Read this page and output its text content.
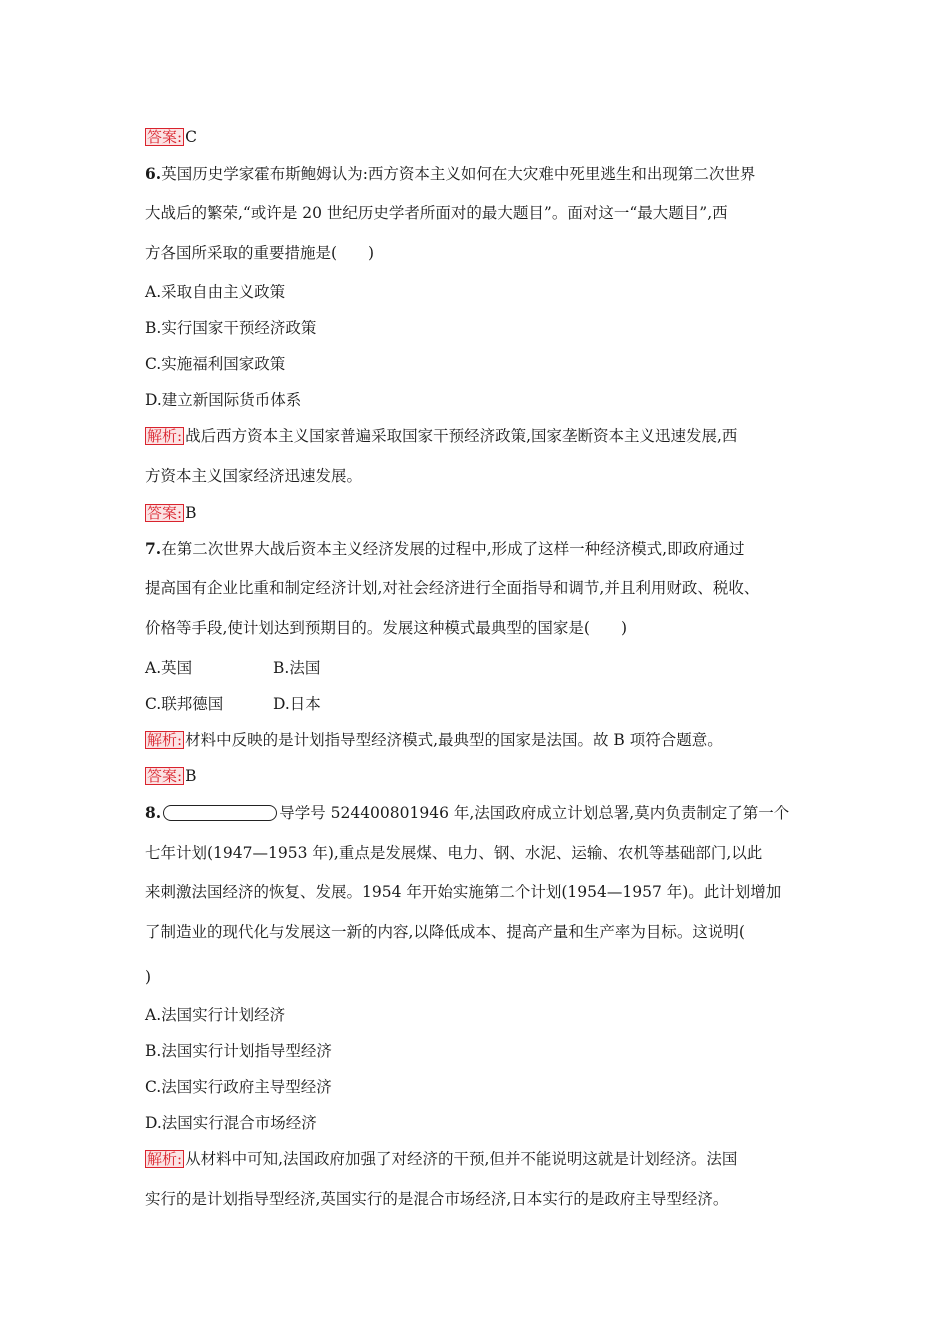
答案: C
6.英国历史学家霍布斯鲍姆认为:西方资本主义如何在大灾难中死里逃生和出现第二次世界
大战后的繁荣,“或许是 20 世纪历史学者所面对的最大题目”。面对这一“最大题目”,西
方各国所采取的重要措施是(　　)
A.采取自由主义政策
B.实行国家干预经济政策
C.实施福利国家政策
D.建立新国际货币体系
解析: 战后西方资本主义国家普遍采取国家干预经济政策,国家垄断资本主义迅速发展,西
方资本主义国家经济迅速发展。
答案: B
7.在第二次世界大战后资本主义经济发展的过程中,形成了这样一种经济模式,即政府通过
提高国有企业比重和制定经济计划,对社会经济进行全面指导和调节,并且利用财政、税收、
价格等手段,使计划达到预期目的。发展这种模式最典型的国家是(　　)
A.英国	B.法国
C.联邦德国	D.日本
解析: 材料中反映的是计划指导型经济模式,最典型的国家是法国。故 B 项符合题意。
答案: B
8.	导学号 524400801946 年,法国政府成立计划总署,莫内负责制定了第一个
七年计划(1947—1953 年),重点是发展煤、电力、钢、水泥、运输、农机等基础部门,以此
来刺激法国经济的恢复、发展。1954 年开始实施第二个计划(1954—1957 年)。此计划增加
了制造业的现代化与发展这一新的内容,以降低成本、提高产量和生产率为目标。这说明(
)
A.法国实行计划经济
B.法国实行计划指导型经济
C.法国实行政府主导型经济
D.法国实行混合市场经济
解析: 从材料中可知,法国政府加强了对经济的干预,但并不能说明这就是计划经济。法国
实行的是计划指导型经济,英国实行的是混合市场经济,日本实行的是政府主导型经济。
